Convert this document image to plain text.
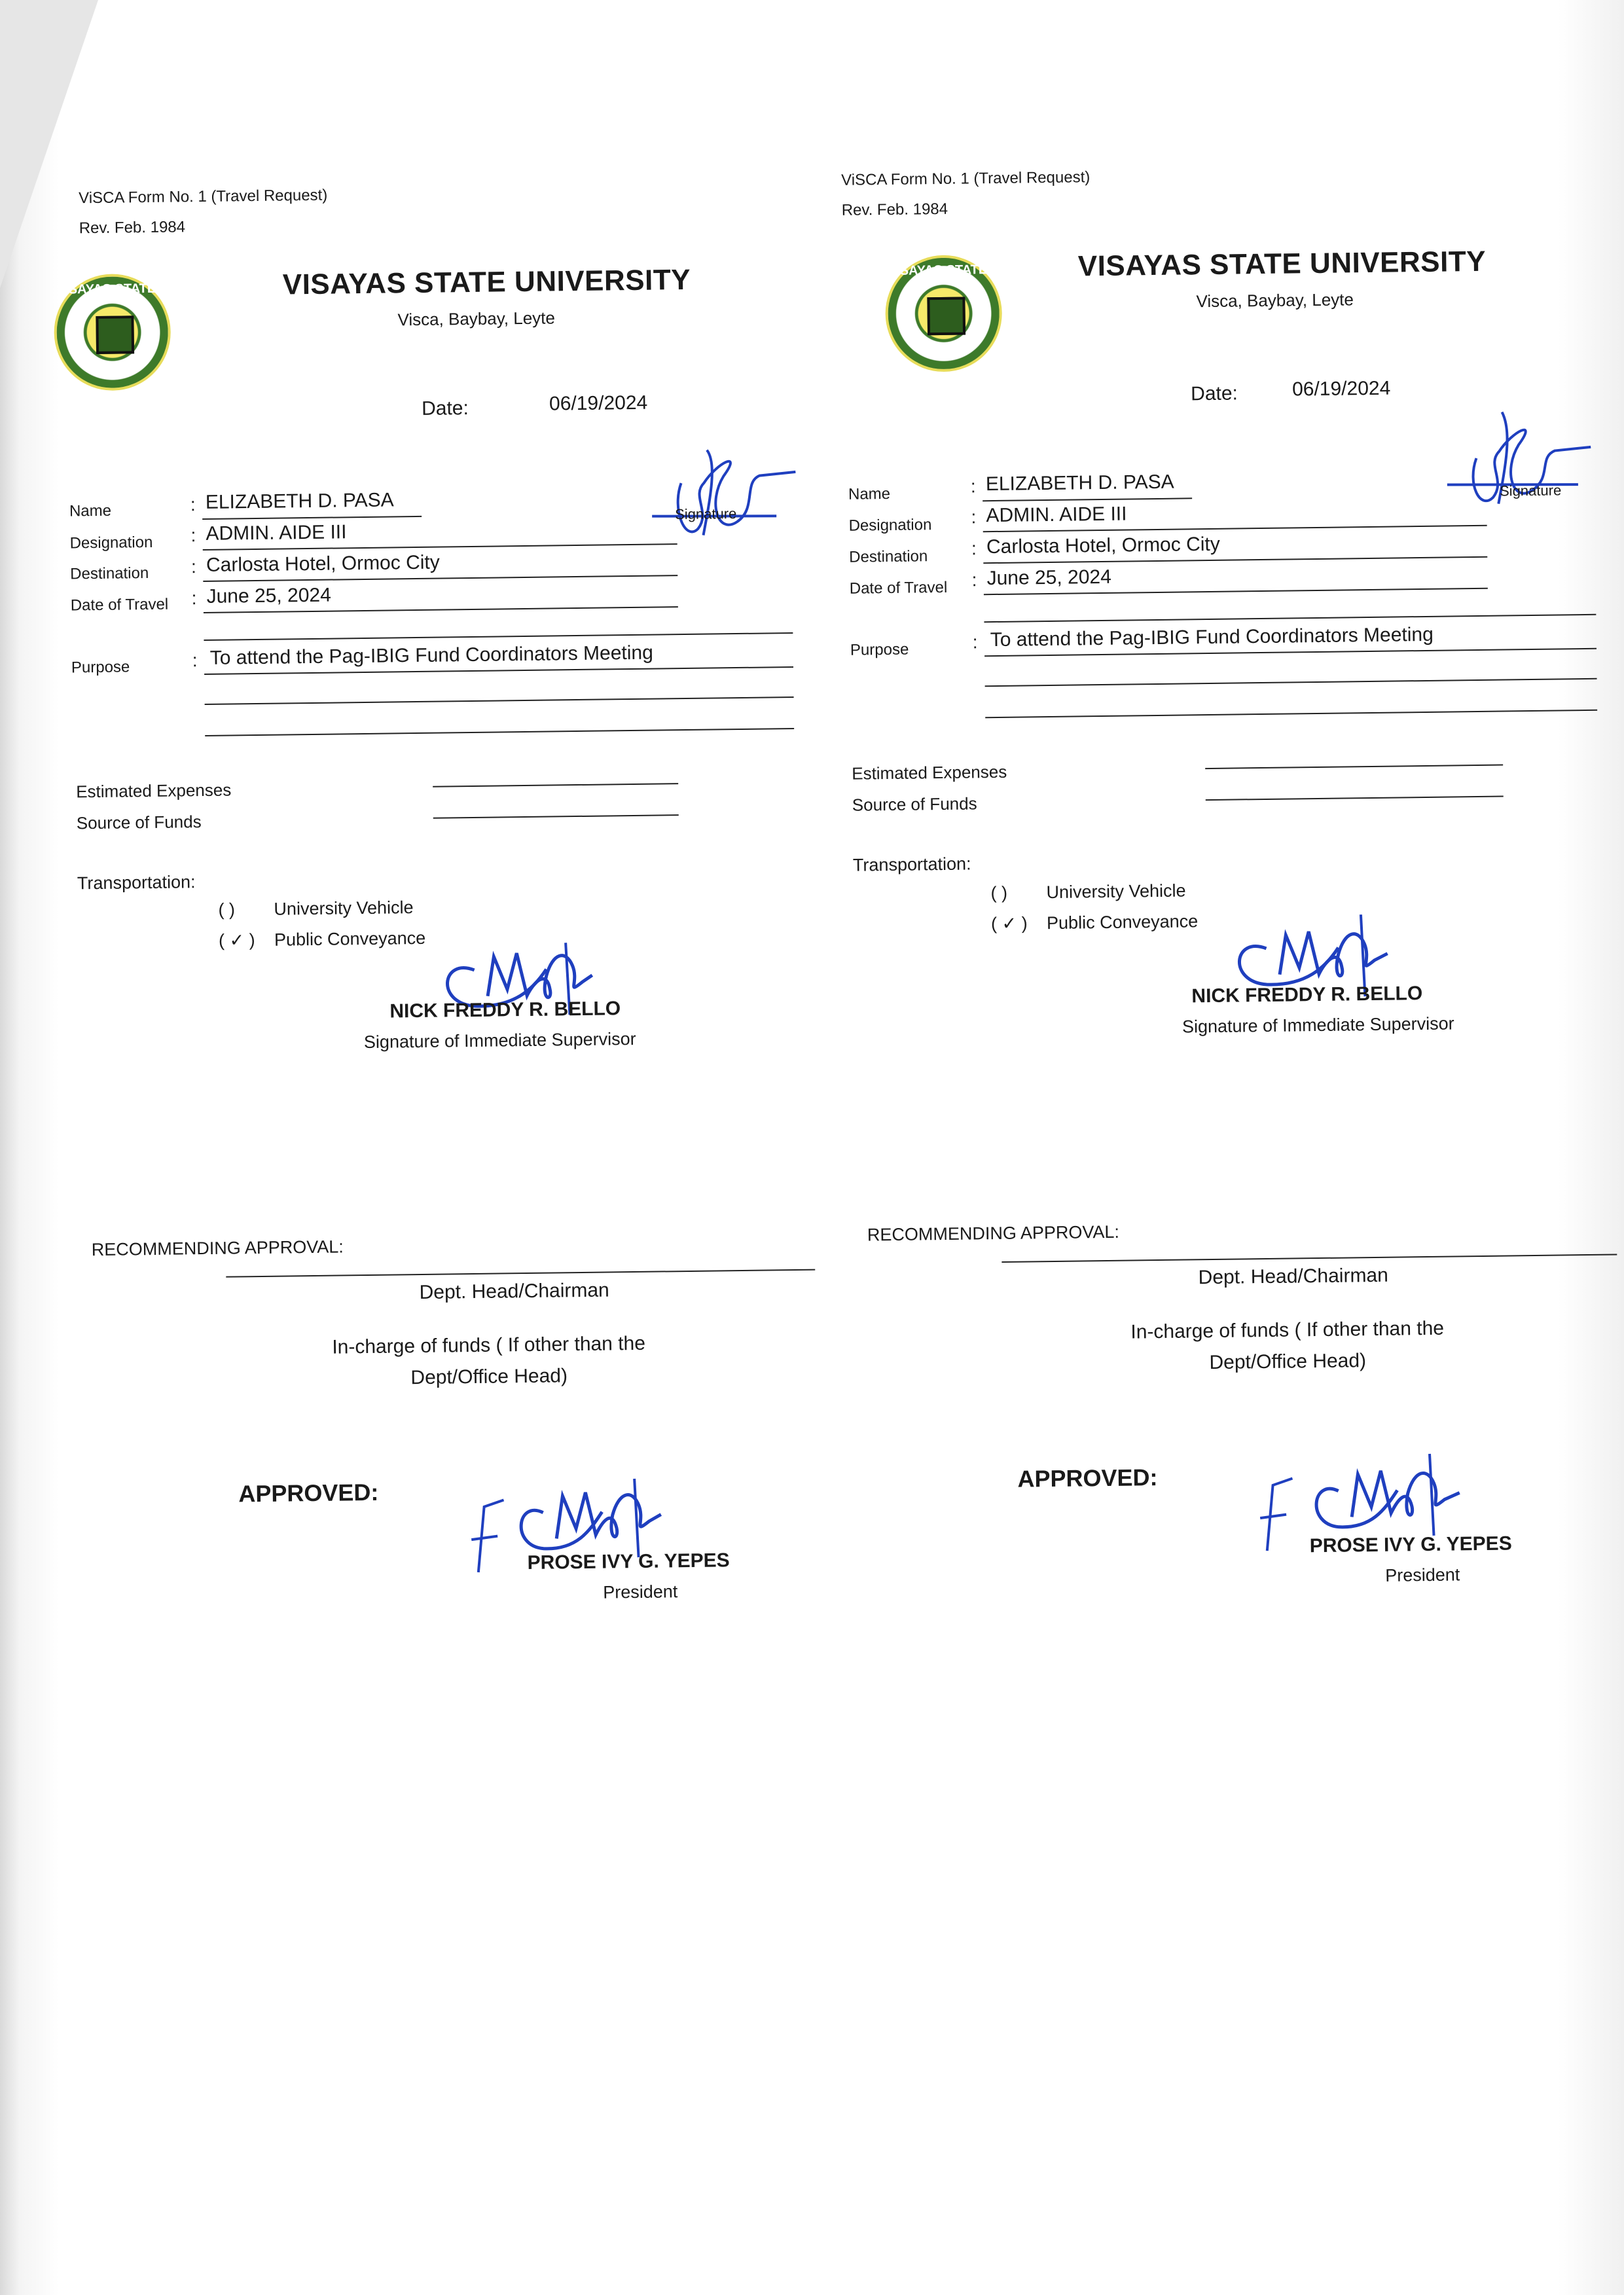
ViSCA Form No. 1 (Travel Request)
Rev. Feb. 1984
VISAYAS STATE UNIVERSITY VISAYAS STATE UNIVERSITY
Visca, Baybay, Leyte
Date:	06/19/2024
Name	: ELIZABETH D. PASA
Designation : ADMIN. AIDE III
Destination : Carlosta Hotel, Ormoc City
Date of Travel : June 25, 2024
Purpose	: To attend the Pag-IBIG Fund Coordinators Meeting
Signature
Estimated Expenses
Source of Funds
Transportation:
( ) University Vehicle
( ✓ ) Public Conveyance
NICK FREDDY R. BELLO
Signature of Immediate Supervisor
RECOMMENDING APPROVAL:
Dept. Head/Chairman
In-charge of funds ( If other than the
Dept/Office Head)
APPROVED:
PROSE IVY G. YEPES
President
ViSCA Form No. 1 (Travel Request)
Rev. Feb. 1984
VISAYAS STATE UNIVERSITY VISAYAS STATE UNIVERSITY
Visca, Baybay, Leyte
Date:	06/19/2024
Name	: ELIZABETH D. PASA
Designation : ADMIN. AIDE III
Destination : Carlosta Hotel, Ormoc City
Date of Travel : June 25, 2024
Purpose	: To attend the Pag-IBIG Fund Coordinators Meeting
Signature
Estimated Expenses
Source of Funds
Transportation:
( ) University Vehicle
( ✓ ) Public Conveyance
NICK FREDDY R. BELLO
Signature of Immediate Supervisor
RECOMMENDING APPROVAL:
Dept. Head/Chairman
In-charge of funds ( If other than the
Dept/Office Head)
APPROVED:
PROSE IVY G. YEPES
President
